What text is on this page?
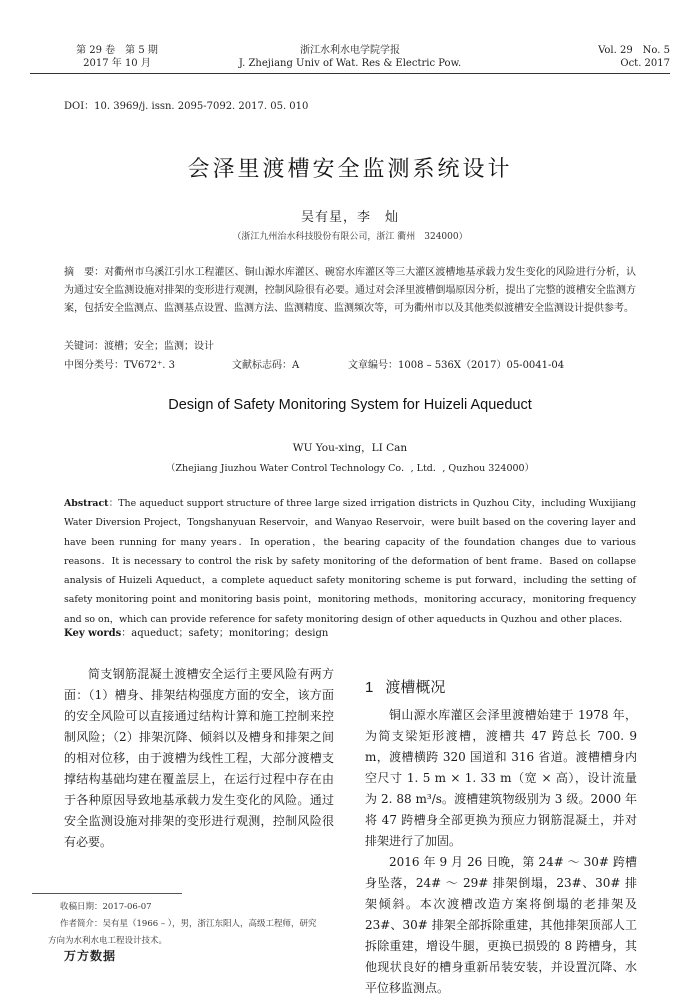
第 29 卷　第 5 期
2017 年 10 月
浙江水利水电学院学报
J. Zhejiang Univ of Wat. Res & Electric Pow.
Vol. 29　No. 5
Oct. 2017
DOI：10. 3969/j. issn. 2095-7092. 2017. 05. 010
会泽里渡槽安全监测系统设计
吴有星，李　灿
（浙江九州治水科技股份有限公司，浙江 衢州　324000）
摘　要：对衢州市乌溪江引水工程灌区、铜山源水库灌区、碗窑水库灌区等三大灌区渡槽地基承载力发生变化的风险进行分析，认为通过安全监测设施对排架的变形进行观测，控制风险很有必要。通过对会泽里渡槽倒塌原因分析，提出了完整的渡槽安全监测方案，包括安全监测点、监测基点设置、监测方法、监测精度、监测频次等，可为衢州市以及其他类似渡槽安全监测设计提供参考。
关键词：渡槽；安全；监测；设计
中图分类号：TV672⁺. 3	文献标志码：A	文章编号：1008 – 536X（2017）05-0041-04
Design of Safety Monitoring System for Huizeli Aqueduct
WU You-xing，LI Can
（Zhejiang Jiuzhou Water Control Technology Co．, Ltd．, Quzhou 324000）
Abstract：The aqueduct support structure of three large sized irrigation districts in Quzhou City，including Wuxijiang Water Diversion Project，Tongshanyuan Reservoir，and Wanyao Reservoir，were built based on the covering layer and have been running for many years．In operation，the bearing capacity of the foundation changes due to various reasons．It is necessary to control the risk by safety monitoring of the deformation of bent frame．Based on collapse analysis of Huizeli Aqueduct，a complete aqueduct safety monitoring scheme is put forward，including the setting of safety monitoring point and monitoring basis point，monitoring methods，monitoring accuracy，monitoring frequency and so on，which can provide reference for safety monitoring design of other aqueducts in Quzhou and other places．
Key words：aqueduct；safety；monitoring；design

简支钢筋混凝土渡槽安全运行主要风险有两方面：（1）槽身、排架结构强度方面的安全，该方面的安全风险可以直接通过结构计算和施工控制来控制风险；（2）排架沉降、倾斜以及槽身和排架之间的相对位移，由于渡槽为线性工程，大部分渡槽支撑结构基础均建在覆盖层上，在运行过程中存在由于各种原因导致地基承载力发生变化的风险。通过安全监测设施对排架的变形进行观测，控制风险很有必要。

1 渡槽概况

铜山源水库灌区会泽里渡槽始建于 1978 年，为简支梁矩形渡槽，渡槽共 47 跨总长 700. 9 m，渡槽横跨 320 国道和 316 省道。渡槽槽身内空尺寸 1. 5 m × 1. 33 m（宽 × 高），设计流量为 2. 88 m³/s。渡槽建筑物级别为 3 级。2000 年将 47 跨槽身全部更换为预应力钢筋混凝土，并对排架进行了加固。

2016 年 9 月 26 日晚，第 24# ～ 30# 跨槽身坠落，24# ～ 29# 排架倒塌，23#、30# 排架倾斜。本次渡槽改造方案将倒塌的老排架及 23#、30# 排架全部拆除重建，其他排架顶部人工拆除重建，增设牛腿，更换已损毁的 8 跨槽身，其他现状良好的槽身重新吊装安装，并设置沉降、水平位移监测点。

收稿日期：2017-06-07
作者简介：吴有星（1966 – ），男，浙江东阳人，高级工程师，研究
方向为水利水电工程设计技术。
万方数据
